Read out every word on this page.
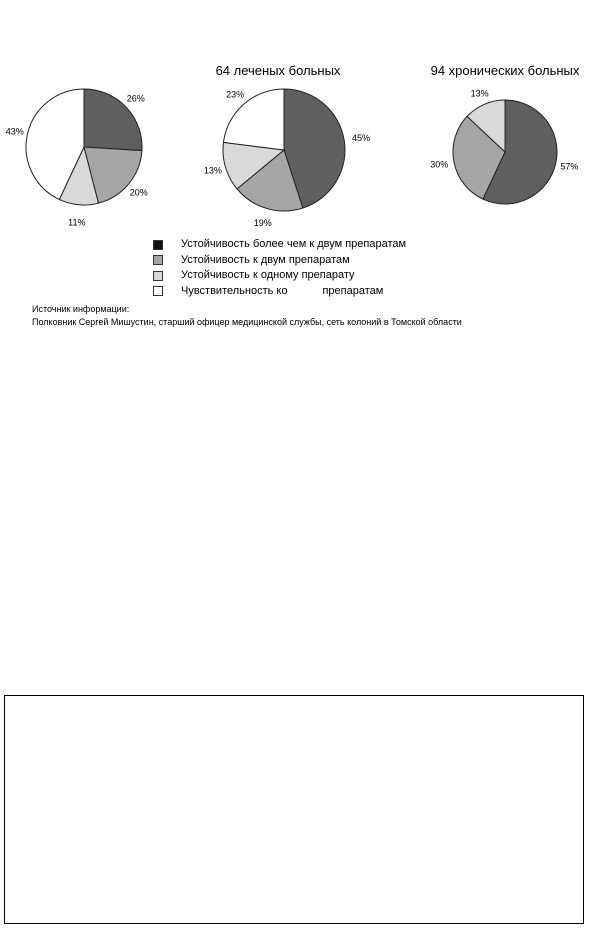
64 леченых больных	94 хронических больных
26%
20%
11%
43%
45%
19%
13%
23%
57%
30%
13%
Устойчивость более чем к двум препаратам
Устойчивость к двум препаратам
Устойчивость к одному препарату
Чувствительность ко	препаратам
Источник информации:
Полковник Сергей Мишустин, старший офицер медицинской службы, сеть колоний в Томской области
